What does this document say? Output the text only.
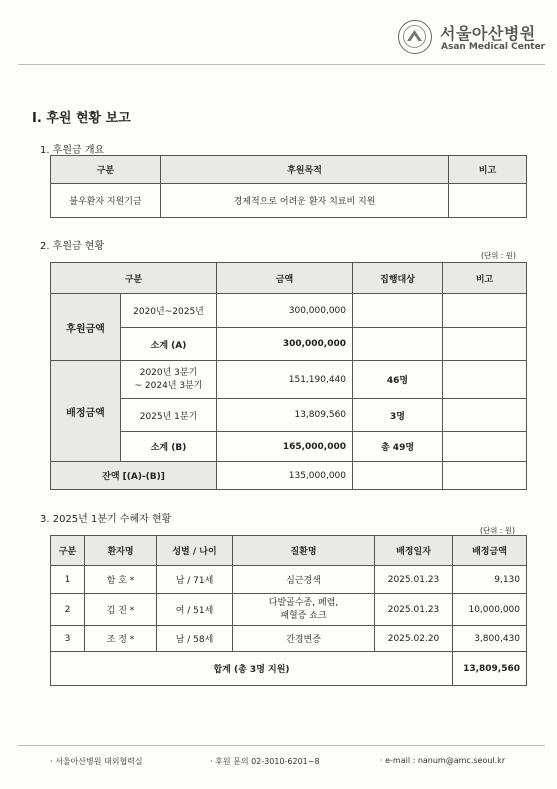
서울아산병원
Asan Medical Center
I. 후원 현황 보고
1. 후원금 개요
구분	후원목적	비고
불우환자 지원기금	경제적으로 어려운 환자 치료비 지원	
2. 후원금 현황
(단위 : 원)
구분		금액	집행대상	비고
후원금액	2020년~2025년	300,000,000		
	소계 (A)	300,000,000		
배정금액	2020년 3분기
~ 2024년 3분기	151,190,440	46명	
	2025년 1분기	13,809,560	3명	
	소계 (B)	165,000,000	총 49명	
잔액 [(A)-(B)]		135,000,000		
3. 2025년 1분기 수혜자 현황
(단위 : 원)
구분	환자명	성별 / 나이	질환명	배정일자	배정금액
1	함 호 *	남 / 71세	심근경색	2025.01.23	9,130
2	김 진 *	여 / 51세	다발골수종, 폐렴,
패혈증 쇼크	2025.01.23	10,000,000
3	조 정 *	남 / 58세	간경변증	2025.02.20	3,800,430
합계 (총 3명 지원)					13,809,560
· 서울아산병원 대외협력실	· 후원 문의 02-3010-6201~8	· e-mail : nanum@amc.seoul.kr
